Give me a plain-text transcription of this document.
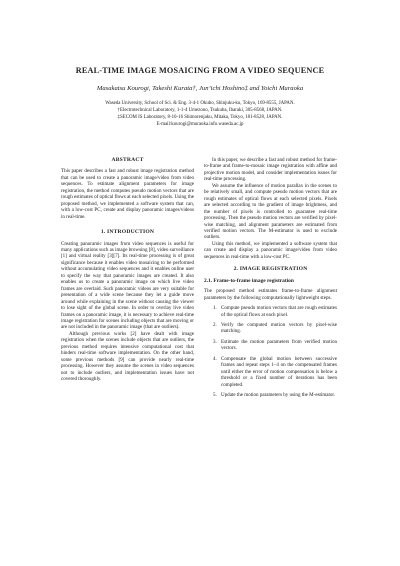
REAL-TIME IMAGE MOSAICING FROM A VIDEO SEQUENCE
Masakatsu Kourogi, Takeshi Kurata†, Jun’ichi Hoshino‡ and Yoichi Muraoka
Waseda University, School of Sci. & Eng. 3-4-1 Okubo, Shinjuku-ku, Tokyo, 169-8555, JAPAN.
†Electrotechnical Laboratory, 1-1-4 Umezono, Tsukuba, Ibaraki, 305-8568, JAPAN.
‡SECOM IS Laboratory, 8-10-16 Shimorenjaku, Mitaka, Tokyo, 181-8528, JAPAN.
E-mail:kourogi@muraoka.info.waseda.ac.jp
ABSTRACT

This paper describes a fast and robust image registration method that can be used to create a panoramic image/video from video sequences. To estimate alignment parameters for image registration, the method computes pseudo motion vectors that are rough estimates of optical flows at each selected pixels. Using the proposed method, we implemented a software system that can, with a low-cost PC, create and display panoramic images/videos in real-time.

1. INTRODUCTION

Creating panoramic images from video sequences is useful for many applications such as image browsing [8], video surveillance [1] and virtual reality [3][7]. Its real-time processing is of great significance because it enables video mosaicing to be performed without accumulating video sequences and it enables online user to specify the way that panoramic images are created. It also enables us to create a panoramic image on which live video frames are overlaid. Such panoramic videos are very suitable for presentation of a wide scene because they let a guide move around while explaining in the scene without causing the viewer to lose sight of the global scene. In order to overlay live video frames on a panoramic image, it is necessary to achieve real-time image registration for scenes including objects that are moving or are not included in the panoramic image (that are outliers).

Although previous works [2] have dealt with image registration when the scenes include objects that are outliers, the previous method requires intensive computational cost that hinders real-time software implementation. On the other hand, some previous methods [9] can provide nearly real-time processing. However they assume the scenes in video sequences not to include outliers, and implementation issues have not covered thoroughly.

In this paper, we describe a fast and robust method for frame-to-frame and frame-to-mosaic image registration with affine and projective motion model, and consider implementation issues for real-time processing.

We assume the influence of motion parallax in the scenes to be relatively small, and compute pseudo motion vectors that are rough estimates of optical flows at each selected pixels. Pixels are selected according to the gradient of image brightness, and the number of pixels is controlled to guarantee real-time processing. Then the pseudo motion vectors are verified by pixel-wise matching, and alignment parameters are estimated from verified motion vectors. The M-estimator is used to exclude outliers.

Using this method, we implemented a software system that can create and display a panoramic image/video from video sequences in real-time with a low-cost PC.

2. IMAGE REGISTRATION
2.1. Frame-to-frame image registration

The proposed method estimates frame-to-frame alignment parameters by the following computationally lightweight steps.

1. Compute pseudo motion vectors that are rough estimates of the optical flows at each pixel.
2. Verify the computed motion vectors by pixel-wise matching.
3. Estimate the motion parameters from verified motion vectors.
4. Compensate the global motion between successive frames and repeat steps 1–4 on the compensated frames until either the error of motion compensation is below a threshold or a fixed number of iterations has been completed.
5. Update the motion parameters by using the M-estimator.
